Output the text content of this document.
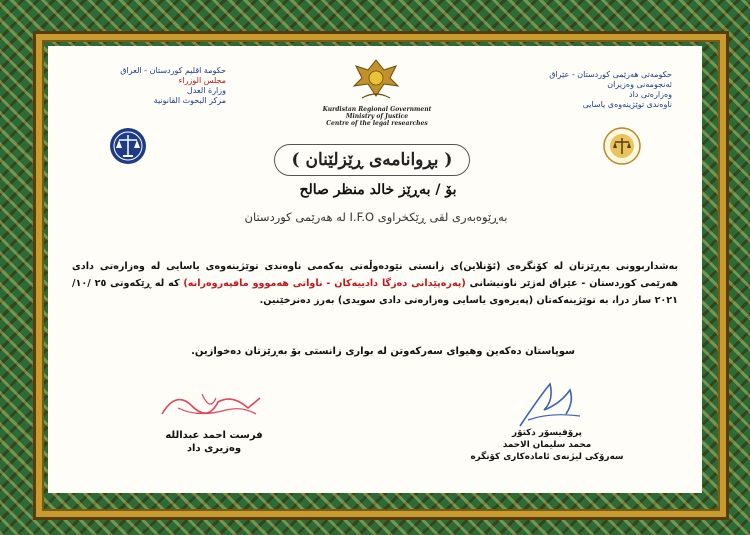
حكومة اقليم كوردستان - العراق
مجلس الوزراء
وزارة العدل
مركز البحوث القانونية
حكومەتی هەرێمی کوردستان - عێراق
ئەنجومەنی وەزیران
وەزارەتی داد
ناوەندی توێژینەوەی یاسایی
Kurdistan Regional Government
Ministry of Justice
Centre of the legal researches
( بڕوانامەی ڕێزلێنان )
بۆ / بەڕێز خالد منظر صالح
بەڕێوەبەری لقی ڕێکخراوی I.F.O لە هەرێمی کوردستان
بەشداربوونی بەڕێزتان لە کۆنگرەی (ئۆنلاین)ی زانستی نێودەوڵەتی یەکەمی ناوەندی توێژینەوەی یاسایی لە وەزارەتی دادی هەرێمی کوردستان - عێراق لەژێر ناونیشانی (پەرەپێدانی دەزگا دادییەکان - ناواتی هەمووو مافپەروەرانە) کە لە ڕێکەوتی ٢٥ /١٠/ ٢٠٢١ ساز درا، بە توێژینەکەتان (پەیرەوی یاسایی وەزارەتی دادی سویدی) بەرز دەنرخێنین.
سوپاستان دەکەین وهیوای سەرکەوتن لە بواری زانستی بۆ بەڕێزتان دەخوازین.
فرست احمد عبدالله
وەزیری داد
پرۆفیسۆر دکتۆر
محمد سلیمان الاحمد
سەرۆکی لیژنەی ئامادەکاری کۆنگرە
